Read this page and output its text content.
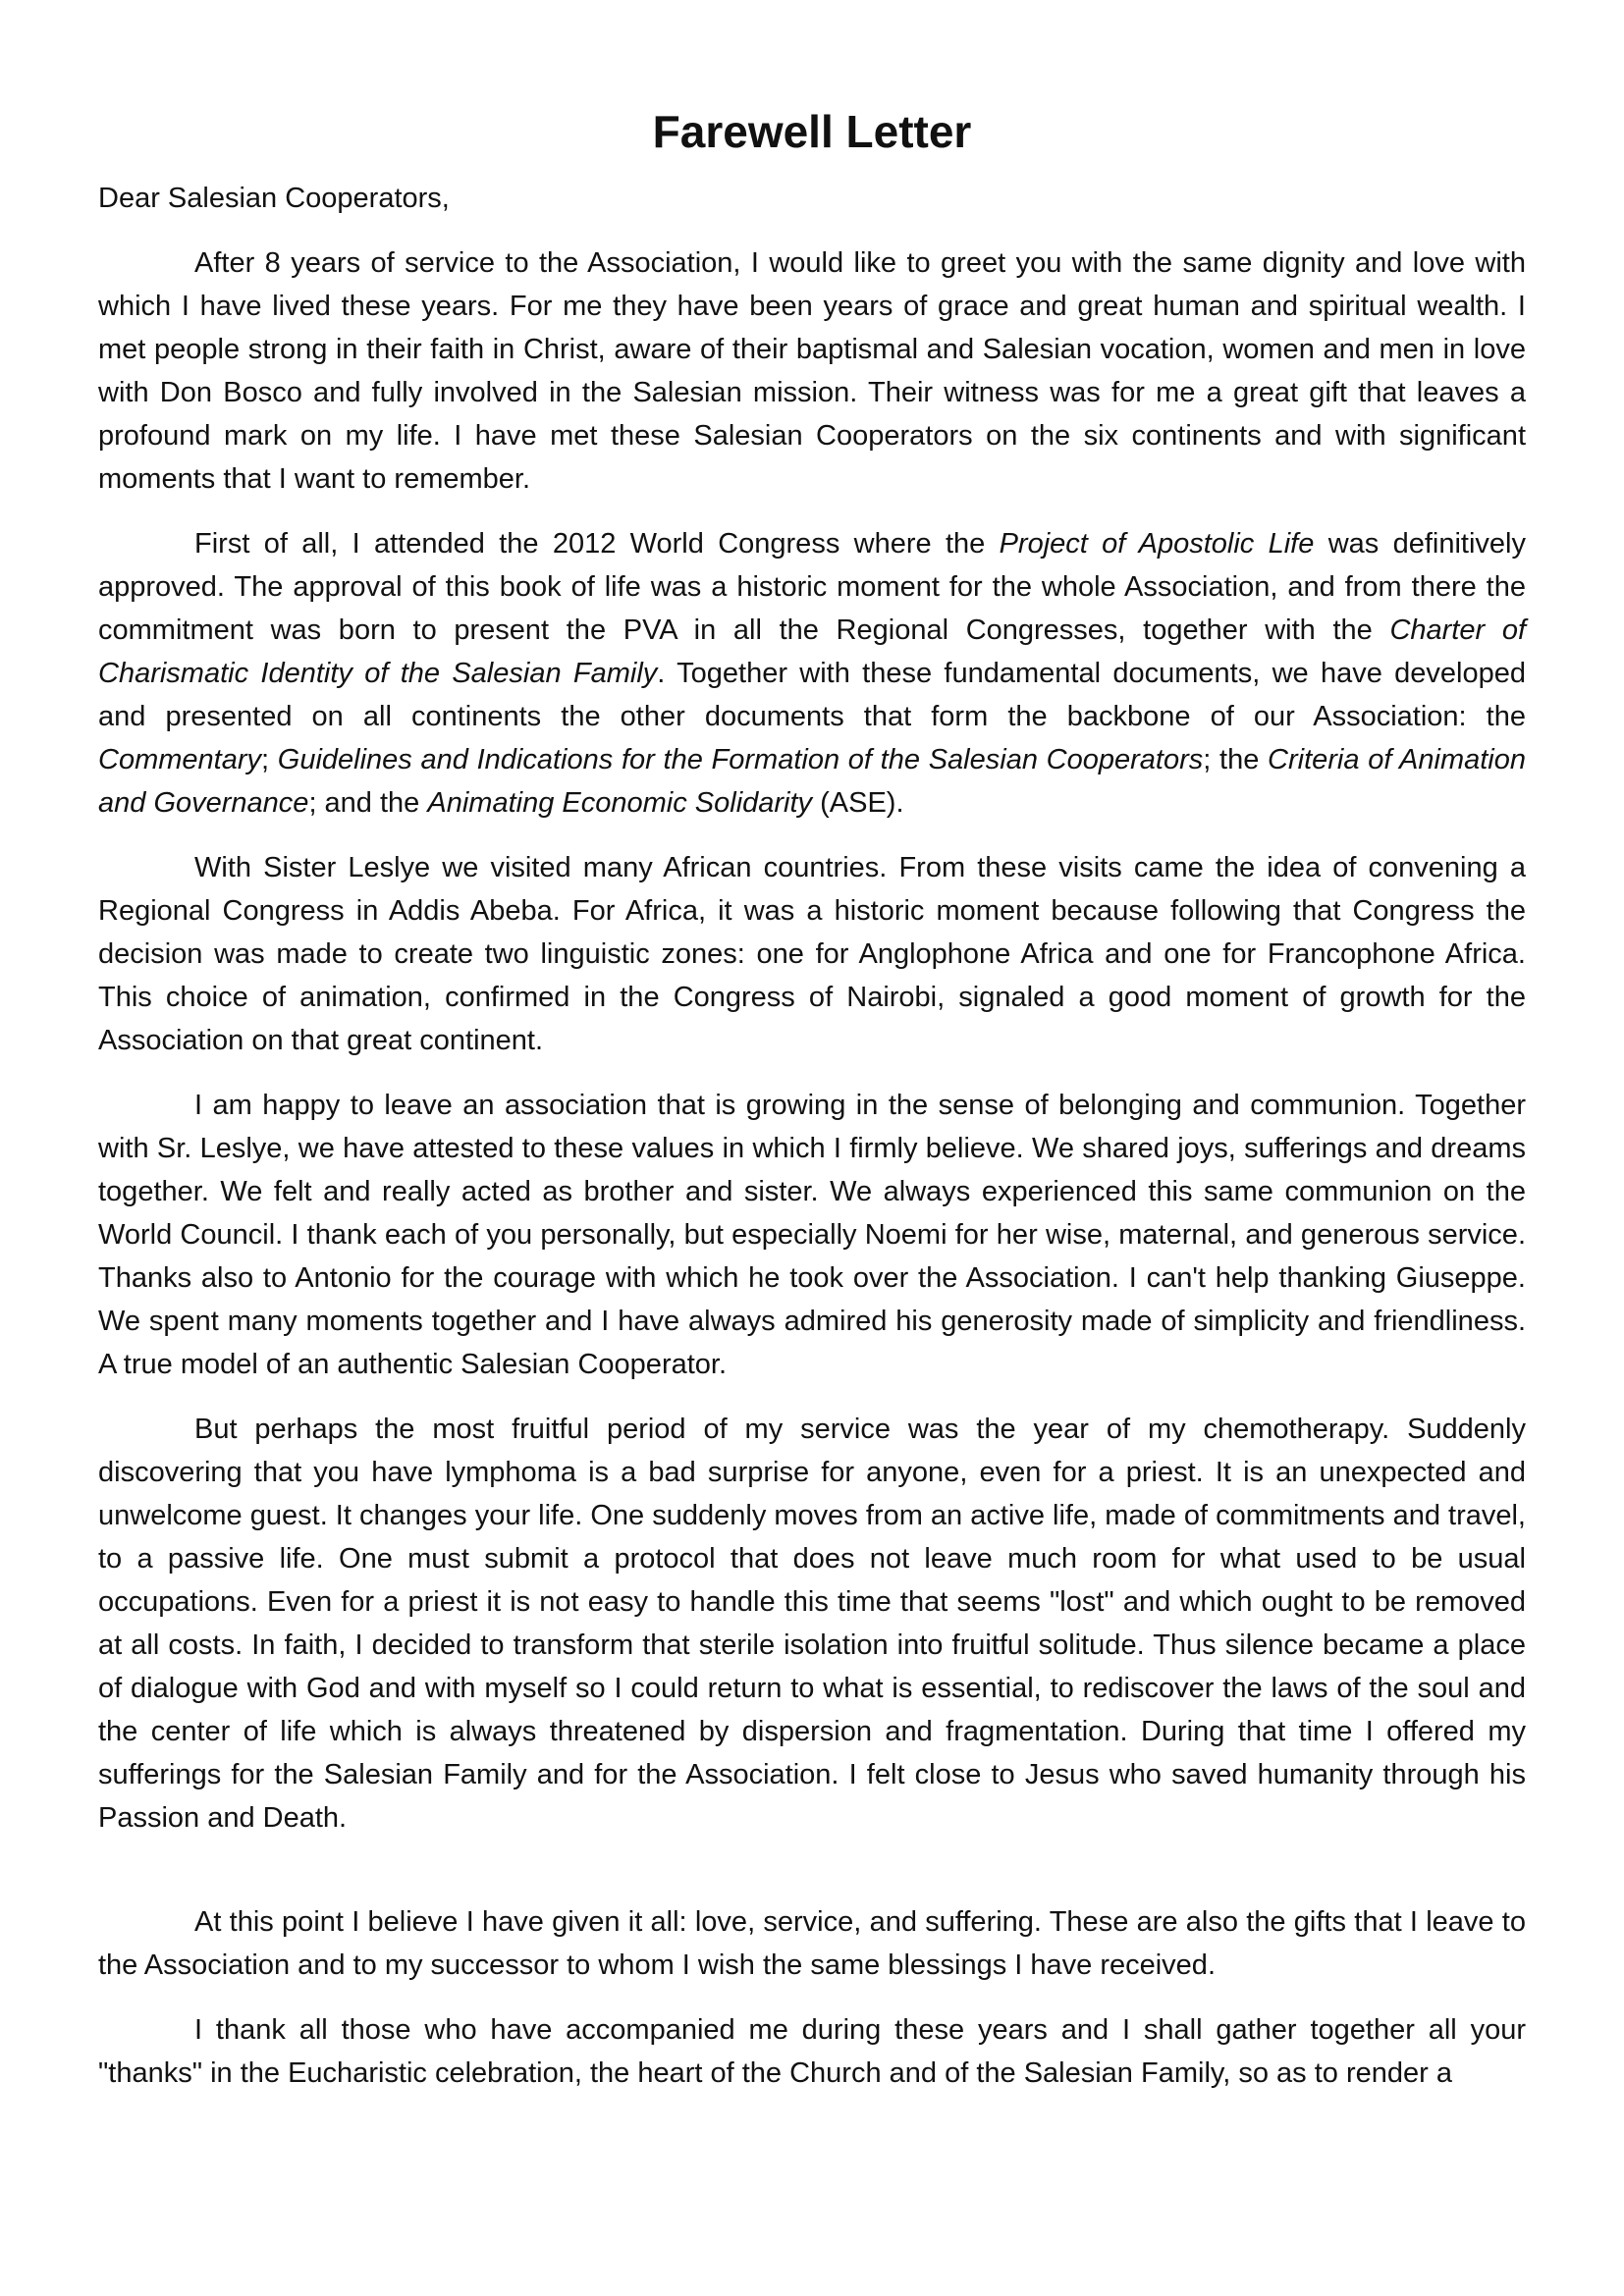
Farewell Letter
Dear Salesian Cooperators,

After 8 years of service to the Association, I would like to greet you with the same dignity and love with which I have lived these years. For me they have been years of grace and great human and spiritual wealth. I met people strong in their faith in Christ, aware of their baptismal and Salesian vocation, women and men in love with Don Bosco and fully involved in the Salesian mission. Their witness was for me a great gift that leaves a profound mark on my life. I have met these Salesian Cooperators on the six continents and with significant moments that I want to remember.

First of all, I attended the 2012 World Congress where the Project of Apostolic Life was definitively approved. The approval of this book of life was a historic moment for the whole Association, and from there the commitment was born to present the PVA in all the Regional Congresses, together with the Charter of Charismatic Identity of the Salesian Family. Together with these fundamental documents, we have developed and presented on all continents the other documents that form the backbone of our Association: the Commentary; Guidelines and Indications for the Formation of the Salesian Cooperators; the Criteria of Animation and Governance; and the Animating Economic Solidarity (ASE).

With Sister Leslye we visited many African countries. From these visits came the idea of convening a Regional Congress in Addis Abeba. For Africa, it was a historic moment because following that Congress the decision was made to create two linguistic zones: one for Anglophone Africa and one for Francophone Africa. This choice of animation, confirmed in the Congress of Nairobi, signaled a good moment of growth for the Association on that great continent.

I am happy to leave an association that is growing in the sense of belonging and communion. Together with Sr. Leslye, we have attested to these values in which I firmly believe. We shared joys, sufferings and dreams together. We felt and really acted as brother and sister. We always experienced this same communion on the World Council. I thank each of you personally, but especially Noemi for her wise, maternal, and generous service. Thanks also to Antonio for the courage with which he took over the Association. I can't help thanking Giuseppe. We spent many moments together and I have always admired his generosity made of simplicity and friendliness. A true model of an authentic Salesian Cooperator.

But perhaps the most fruitful period of my service was the year of my chemotherapy. Suddenly discovering that you have lymphoma is a bad surprise for anyone, even for a priest. It is an unexpected and unwelcome guest. It changes your life. One suddenly moves from an active life, made of commitments and travel, to a passive life. One must submit a protocol that does not leave much room for what used to be usual occupations. Even for a priest it is not easy to handle this time that seems "lost" and which ought to be removed at all costs. In faith, I decided to transform that sterile isolation into fruitful solitude. Thus silence became a place of dialogue with God and with myself so I could return to what is essential, to rediscover the laws of the soul and the center of life which is always threatened by dispersion and fragmentation. During that time I offered my sufferings for the Salesian Family and for the Association. I felt close to Jesus who saved humanity through his Passion and Death.

At this point I believe I have given it all: love, service, and suffering. These are also the gifts that I leave to the Association and to my successor to whom I wish the same blessings I have received.

I thank all those who have accompanied me during these years and I shall gather together all your "thanks" in the Eucharistic celebration, the heart of the Church and of the Salesian Family, so as to render a
